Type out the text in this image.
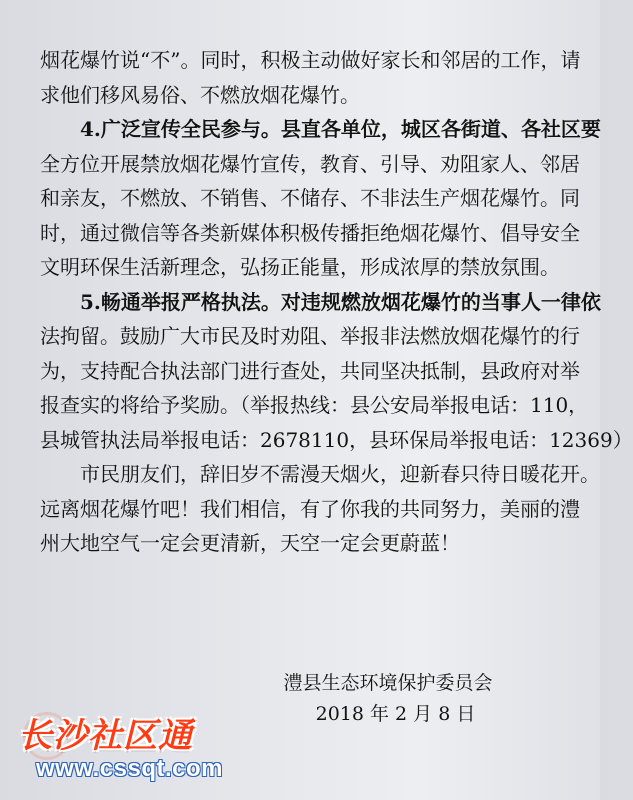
烟花爆竹说“不”。同时，积极主动做好家长和邻居的工作，请
求他们移风易俗、不燃放烟花爆竹。
4.广泛宣传全民参与。县直各单位，城区各街道、各社区要
全方位开展禁放烟花爆竹宣传，教育、引导、劝阻家人、邻居
和亲友，不燃放、不销售、不储存、不非法生产烟花爆竹。同
时，通过微信等各类新媒体积极传播拒绝烟花爆竹、倡导安全
文明环保生活新理念，弘扬正能量，形成浓厚的禁放氛围。
5.畅通举报严格执法。对违规燃放烟花爆竹的当事人一律依
法拘留。鼓励广大市民及时劝阻、举报非法燃放烟花爆竹的行
为，支持配合执法部门进行查处，共同坚决抵制，县政府对举
报查实的将给予奖励。（举报热线：县公安局举报电话：110，
县城管执法局举报电话：2678110，县环保局举报电话：12369）
市民朋友们，辞旧岁不需漫天烟火，迎新春只待日暖花开。
远离烟花爆竹吧！我们相信，有了你我的共同努力，美丽的澧
州大地空气一定会更清新，天空一定会更蔚蓝！
澧县生态环境保护委员会
2018 年 2 月 8 日
长沙社区通
www.cssqt.com
